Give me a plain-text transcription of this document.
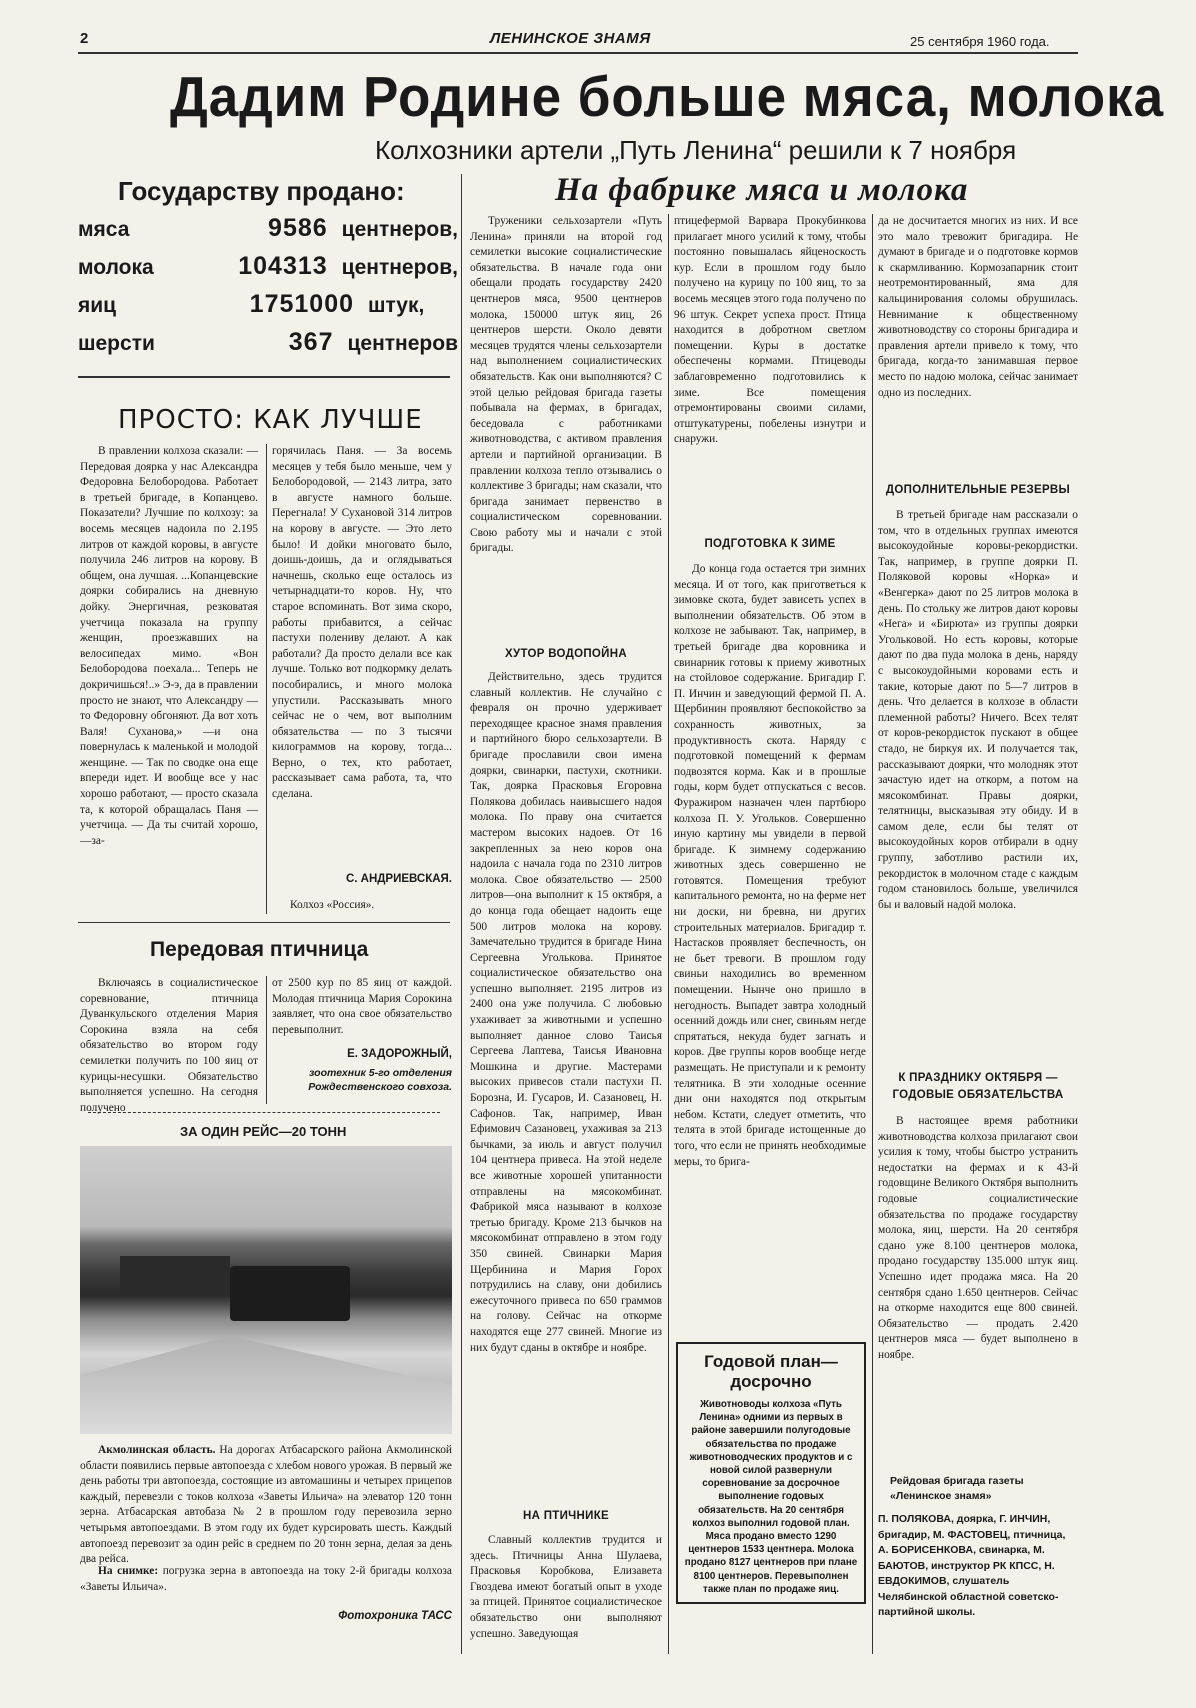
2	ЛЕНИНСКОЕ ЗНАМЯ	25 сентября 1960 года.
Дадим Родине больше мяса, молока
Колхозники артели „Путь Ленина“ решили к 7 ноября
Государству продано:
мяса	9586 центнеров,
молока	104313 центнеров,
яиц	1751000 штук,
шерсти	367 центнеров
ПРОСТО: КАК ЛУЧШЕ
В правлении колхоза сказали: — Передовая доярка у нас Александра Федоровна Белобородова. Работает в третьей бригаде, в Копанцево. Показатели? Лучшие по колхозу: за восемь месяцев надоила по 2.195 литров от каждой коровы, в августе получила 246 литров на корову. В общем, она лучшая. ...Копанцевские доярки собирались на дневную дойку. Энергичная, резковатая учетчица показала на группу женщин, проезжавших на велосипедах мимо. «Вон Белобородова поехала... Теперь не докричишься!..» Э-э, да в правлении просто не знают, что Александру — то Федоровну обгоняют. Да вот хоть Валя! Суханова,» —и она повернулась к маленькой и молодой женщине. — Так по сводке она еще впереди идет. И вообще все у нас хорошо работают, — просто сказала та, к которой обращалась Паня — учетчица. — Да ты считай хорошо,—за-
горячилась Паня. — За восемь месяцев у тебя было меньше, чем у Белобородовой, — 2143 литра, зато в августе намного больше. Перегнала! У Сухановой 314 литров на корову в августе. — Это лето было! И дойки многовато было, доишь-доишь, да и оглядываться начнешь, сколько еще осталось из четырнадцати-то коров. Ну, что старое вспоминать. Вот зима скоро, работы прибавится, а сейчас пастухи полениву делают. А как работали? Да просто делали все как лучше. Только вот подкормку делать пособирались, и много молока упустили. Рассказывать много сейчас не о чем, вот выполним обязательства — по 3 тысячи килограммов на корову, тогда... Верно, о тех, кто работает, рассказывает сама работа, та, что сделана.
С. АНДРИЕВСКАЯ.
Колхоз «Россия».
Передовая птичница
Включаясь в социалистическое соревнование, птичница Дуванкульского отделения Мария Сорокина взяла на себя обязательство во втором году семилетки получить по 100 яиц от курицы-несушки. Обязательство выполняется успешно. На сегодня получено
от 2500 кур по 85 яиц от каждой. Молодая птичница Мария Сорокина заявляет, что она свое обязательство перевыполнит.
Е. ЗАДОРОЖНЫЙ,
зоотехник 5-го отделения Рождественского совхоза.
ЗА ОДИН РЕЙС—20 ТОНН
Акмолинская область. На дорогах Атбасарского района Акмолинской области появились первые автопоезда с хлебом нового урожая. В первый же день работы три автопоезда, состоящие из автомашины и четырех прицепов каждый, перевезли с токов колхоза «Заветы Ильича» на элеватор 120 тонн зерна. Атбасарская автобаза № 2 в прошлом году перевозила зерно четырьмя автопоездами. В этом году их будет курсировать шесть. Каждый автопоезд перевозит за один рейс в среднем по 20 тонн зерна, делая за день два рейса.
На снимке: погрузка зерна в автопоезда на току 2-й бригады колхоза «Заветы Ильича».
Фотохроника ТАСС
На фабрике мяса и молока
Труженики сельхозартели «Путь Ленина» приняли на второй год семилетки высокие социалистические обязательства. В начале года они обещали продать государству 2420 центнеров мяса, 9500 центнеров молока, 150000 штук яиц, 26 центнеров шерсти. Около девяти месяцев трудятся члены сельхозартели над выполнением социалистических обязательств. Как они выполняются? С этой целью рейдовая бригада газеты побывала на фермах, в бригадах, беседовала с работниками животноводства, с активом правления артели и партийной организации. В правлении колхоза тепло отзывались о коллективе 3 бригады; нам сказали, что бригада занимает первенство в социалистическом соревновании. Свою работу мы и начали с этой бригады.
ХУТОР ВОДОПОЙНА
Действительно, здесь трудится славный коллектив. Не случайно с февраля он прочно удерживает переходящее красное знамя правления и партийного бюро сельхозартели. В бригаде прославили свои имена доярки, свинарки, пастухи, скотники. Так, доярка Прасковья Егоровна Полякова добилась наивысшего надоя молока. По праву она считается мастером высоких надоев. От 16 закрепленных за нею коров она надоила с начала года по 2310 литров молока. Свое обязательство — 2500 литров—она выполнит к 15 октября, а до конца года обещает надоить еще 500 литров молока на корову. Замечательно трудится в бригаде Нина Сергеевна Угольковa. Принятое социалистическое обязательство она успешно выполняет. 2195 литров из 2400 она уже получила. С любовью ухаживает за животными и успешно выполняет данное слово Таисья Сергеева Лаптева, Таисья Ивановна Мошкина и другие. Мастерами высоких привесов стали пастухи П. Борозна, И. Гусаров, И. Сазановец, Н. Сафонов. Так, например, Иван Ефимович Сазановец, ухаживая за 213 бычками, за июль и август получил 104 центнера привеса. На этой неделе все животные хорошей упитанности отправлены на мясокомбинат. Фабрикой мяса называют в колхозе третью бригаду. Кроме 213 бычков на мясокомбинат отправлено в этом году 350 свиней. Свинарки Мария Щербинина и Мария Горох потрудились на славу, они добились ежесуточного привеса по 650 граммов на голову. Сейчас на откорме находятся еще 277 свиней. Многие из них будут сданы в октябре и ноябре.
НА ПТИЧНИКЕ
Славный коллектив трудится и здесь. Птичницы Анна Шулаева, Прасковья Коробкова, Елизавета Гвоздева имеют богатый опыт в уходе за птицей. Принятое социалистическое обязательство они выполняют успешно. Заведующая
птицефермой Варвара Прокубинкова прилагает много усилий к тому, чтобы постоянно повышалась яйценоскость кур. Если в прошлом году было получено на курицу по 100 яиц, то за восемь месяцев этого года получено по 96 штук. Секрет успеха прост. Птица находится в добротном светлом помещении. Куры в достатке обеспечены кормами. Птицеводы заблаговременно подготовились к зиме. Все помещения отремонтированы своими силами, отштукатурены, побелены изнутри и снаружи.
ПОДГОТОВКА К ЗИМЕ
До конца года остается три зимних месяца. И от того, как пригответься к зимовке скота, будет зависеть успех в выполнении обязательств. Об этом в колхозе не забывают. Так, например, в третьей бригаде два коровника и свинарник готовы к приему животных на стойловое содержание. Бригадир Г. П. Инчин и заведующий фермой П. А. Щербинин проявляют беспокойство за сохранность животных, за продуктивность скота. Наряду с подготовкой помещений к фермам подвозятся корма. Как и в прошлые годы, корм будет отпускаться с весов. Фуражиром назначен член партбюро колхоза П. У. Угольков. Совершенно иную картину мы увидели в первой бригаде. К зимнему содержанию животных здесь совершенно не готовятся. Помещения требуют капитального ремонта, но на ферме нет ни доски, ни бревна, ни других строительных материалов. Бригадир т. Настасков проявляет беспечность, он не бьет тревоги. В прошлом году свиньи находились во временном помещении. Нынче оно пришло в негодность. Выпадет завтра холодный осенний дождь или снег, свиньям негде спрятаться, некуда будет загнать и коров. Две группы коров вообще негде размещать. Не приступали и к ремонту телятника. В эти холодные осенние дни они находятся под открытым небом. Кстати, следует отметить, что телята в этой бригаде истощенные до того, что если не принять необходимые меры, то брига-
Годовой план— досрочно
Животноводы колхоза «Путь Ленина» одними из первых в районе завершили полугодовые обязательства по продаже животноводческих продуктов и с новой силой развернули соревнование за досрочное выполнение годовых обязательств. На 20 сентября колхоз выполнил годовой план. Мяса продано вместо 1290 центнеров 1533 центнера. Молока продано 8127 центнеров при плане 8100 центнеров. Перевыполнен также план по продаже яиц.
да не досчитается многих из них. И все это мало тревожит бригадира. Не думают в бригаде и о подготовке кормов к скармливанию. Кормозапарник стоит неотремонтированный, яма для кальцинирования соломы обрушилась. Невнимание к общественному животноводству со стороны бригадира и правления артели привело к тому, что бригада, когда-то занимавшая первое место по надою молока, сейчас занимает одно из последних.
ДОПОЛНИТЕЛЬНЫЕ РЕЗЕРВЫ
В третьей бригаде нам рассказали о том, что в отдельных группах имеются высокоудойные коровы-рекордистки. Так, например, в группе доярки П. Поляковой коровы «Норка» и «Венгерка» дают по 25 литров молока в день. По стольку же литров дают коровы «Нега» и «Бирюта» из группы доярки Угольковой. Но есть коровы, которые дают по два пуда молока в день, наряду с высокоудойными коровами есть и такие, которые дают по 5—7 литров в день. Что делается в колхозе в области племенной работы? Ничего. Всех телят от коров-рекордисток пускают в общее стадо, не биркуя их. И получается так, рассказывают доярки, что молодняк этот зачастую идет на откорм, а потом на мясокомбинат. Правы доярки, телятницы, высказывая эту обиду. И в самом деле, если бы телят от высокоудойных коров отбирали в одну группу, заботливо растили их, рекордисток в молочном стаде с каждым годом становилось больше, увеличился бы и валовый надой молока.
К ПРАЗДНИКУ ОКТЯБРЯ — ГОДОВЫЕ ОБЯЗАТЕЛЬСТВА
В настоящее время работники животноводства колхоза прилагают свои усилия к тому, чтобы быстро устранить недостатки на фермах и к 43-й годовщине Великого Октября выполнить годовые социалистические обязательства по продаже государству молока, яиц, шерсти. На 20 сентября сдано уже 8.100 центнеров молока, продано государству 135.000 штук яиц. Успешно идет продажа мяса. На 20 сентября сдано 1.650 центнеров. Сейчас на откорме находится еще 800 свиней. Обязательство — продать 2.420 центнеров мяса — будет выполнено в ноябре.
Рейдовая бригада газеты «Ленинское знамя»
П. ПОЛЯКОВА, доярка, Г. ИНЧИН, бригадир, М. ФАСТОВЕЦ, птичница, А. БОРИСЕНКОВА, свинарка, М. БАЮТОВ, инструктор РК КПСС, Н. ЕВДОКИМОВ, слушатель Челябинской областной советско-партийной школы.
